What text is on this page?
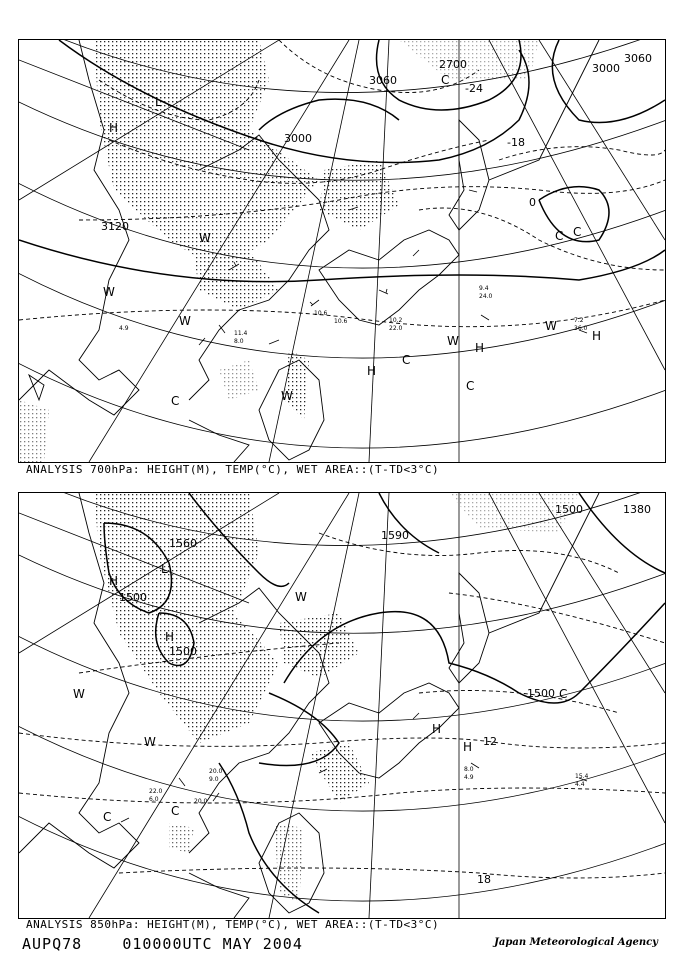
9.4
24.0
7.2
36.0
10.2
22.0
11.4
8.0
4.9
10.6
10.6
3120
3000
3000
3060
2700	3060
-24
-18
0
L
H
C
C C
C
C
W
W
W
W
W
H
H
H
W
C
ANALYSIS 700hPa: HEIGHT(M), TEMP(°C), WET AREA::(T-TD<3°C)
8.0
4.9	15.4
4.4
20.0
9.0
22.0
6.0	20.0
1560
1500
1500
1590
1500
1500	1380
12
18
L
H
H
W
W
W
C	C
H
H
C
ANALYSIS 850hPa: HEIGHT(M), TEMP(°C), WET AREA::(T-TD<3°C)
AUPQ78	010000UTC MAY 2004	Japan Meteorological Agency
